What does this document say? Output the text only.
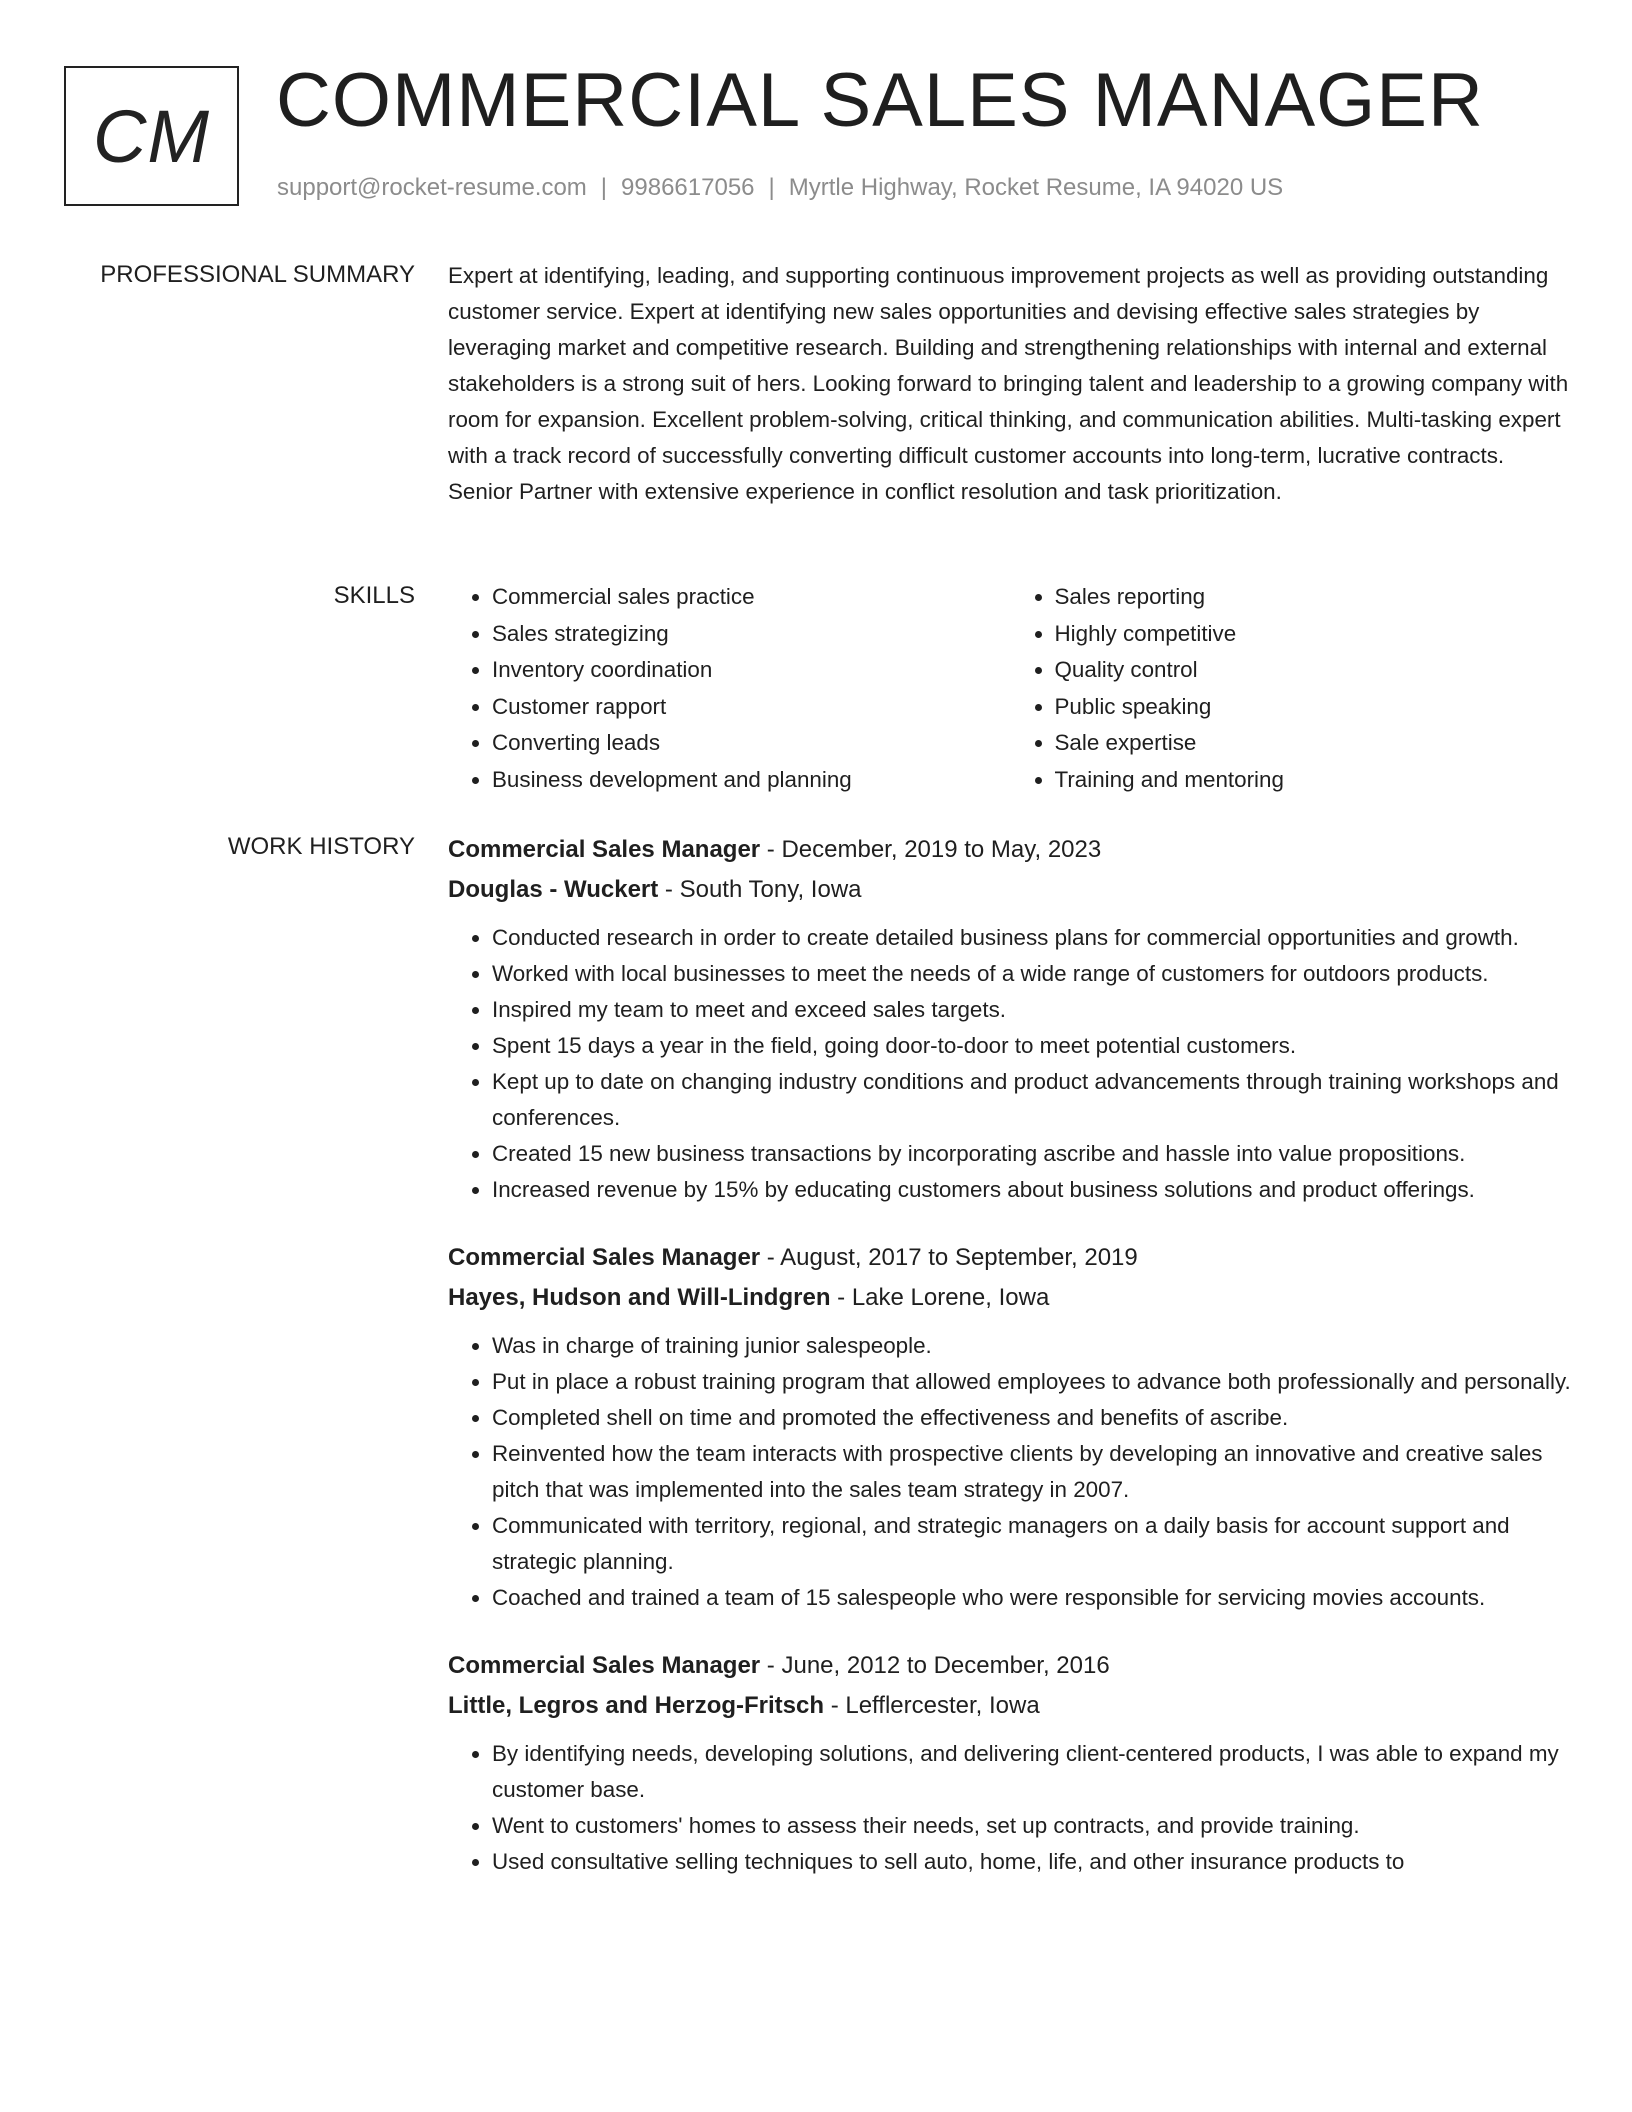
CM COMMERCIAL SALES MANAGER
support@rocket-resume.com | 9986617056 | Myrtle Highway, Rocket Resume, IA 94020 US
PROFESSIONAL SUMMARY Expert at identifying, leading, and supporting continuous improvement projects as well as providing outstanding customer service. Expert at identifying new sales opportunities and devising effective sales strategies by leveraging market and competitive research. Building and strengthening relationships with internal and external stakeholders is a strong suit of hers. Looking forward to bringing talent and leadership to a growing company with room for expansion. Excellent problem-solving, critical thinking, and communication abilities. Multi-tasking expert with a track record of successfully converting difficult customer accounts into long-term, lucrative contracts. Senior Partner with extensive experience in conflict resolution and task prioritization.

SKILLS
•	Commercial sales practice
• Sales strategizing
• Inventory coordination
• Customer rapport
• Converting leads
• Business development and planning
• Sales reporting
• Highly competitive
• Quality control
• Public speaking
• Sale expertise
• Training and mentoring
WORK HISTORY Commercial Sales Manager - December, 2019 to May, 2023
Douglas - Wuckert - South Tony, Iowa
• Conducted research in order to create detailed business plans for commercial opportunities and growth.
• Worked with local businesses to meet the needs of a wide range of customers for outdoors products.
• Inspired my team to meet and exceed sales targets.
• Spent 15 days a year in the field, going door-to-door to meet potential customers.
• Kept up to date on changing industry conditions and product advancements through training workshops and conferences.
• Created 15 new business transactions by incorporating ascribe and hassle into value propositions.
• Increased revenue by 15% by educating customers about business solutions and product offerings.
Commercial Sales Manager - August, 2017 to September, 2019
Hayes, Hudson and Will-Lindgren - Lake Lorene, Iowa
• Was in charge of training junior salespeople.
• Put in place a robust training program that allowed employees to advance both professionally and personally.
• Completed shell on time and promoted the effectiveness and benefits of ascribe.
• Reinvented how the team interacts with prospective clients by developing an innovative and creative sales pitch that was implemented into the sales team strategy in 2007.
• Communicated with territory, regional, and strategic managers on a daily basis for account support and strategic planning.
• Coached and trained a team of 15 salespeople who were responsible for servicing movies accounts.
Commercial Sales Manager - June, 2012 to December, 2016
Little, Legros and Herzog-Fritsch - Lefflercester, Iowa
• By identifying needs, developing solutions, and delivering client-centered products, I was able to expand my customer base.
• Went to customers' homes to assess their needs, set up contracts, and provide training.
• Used consultative selling techniques to sell auto, home, life, and other insurance products to
